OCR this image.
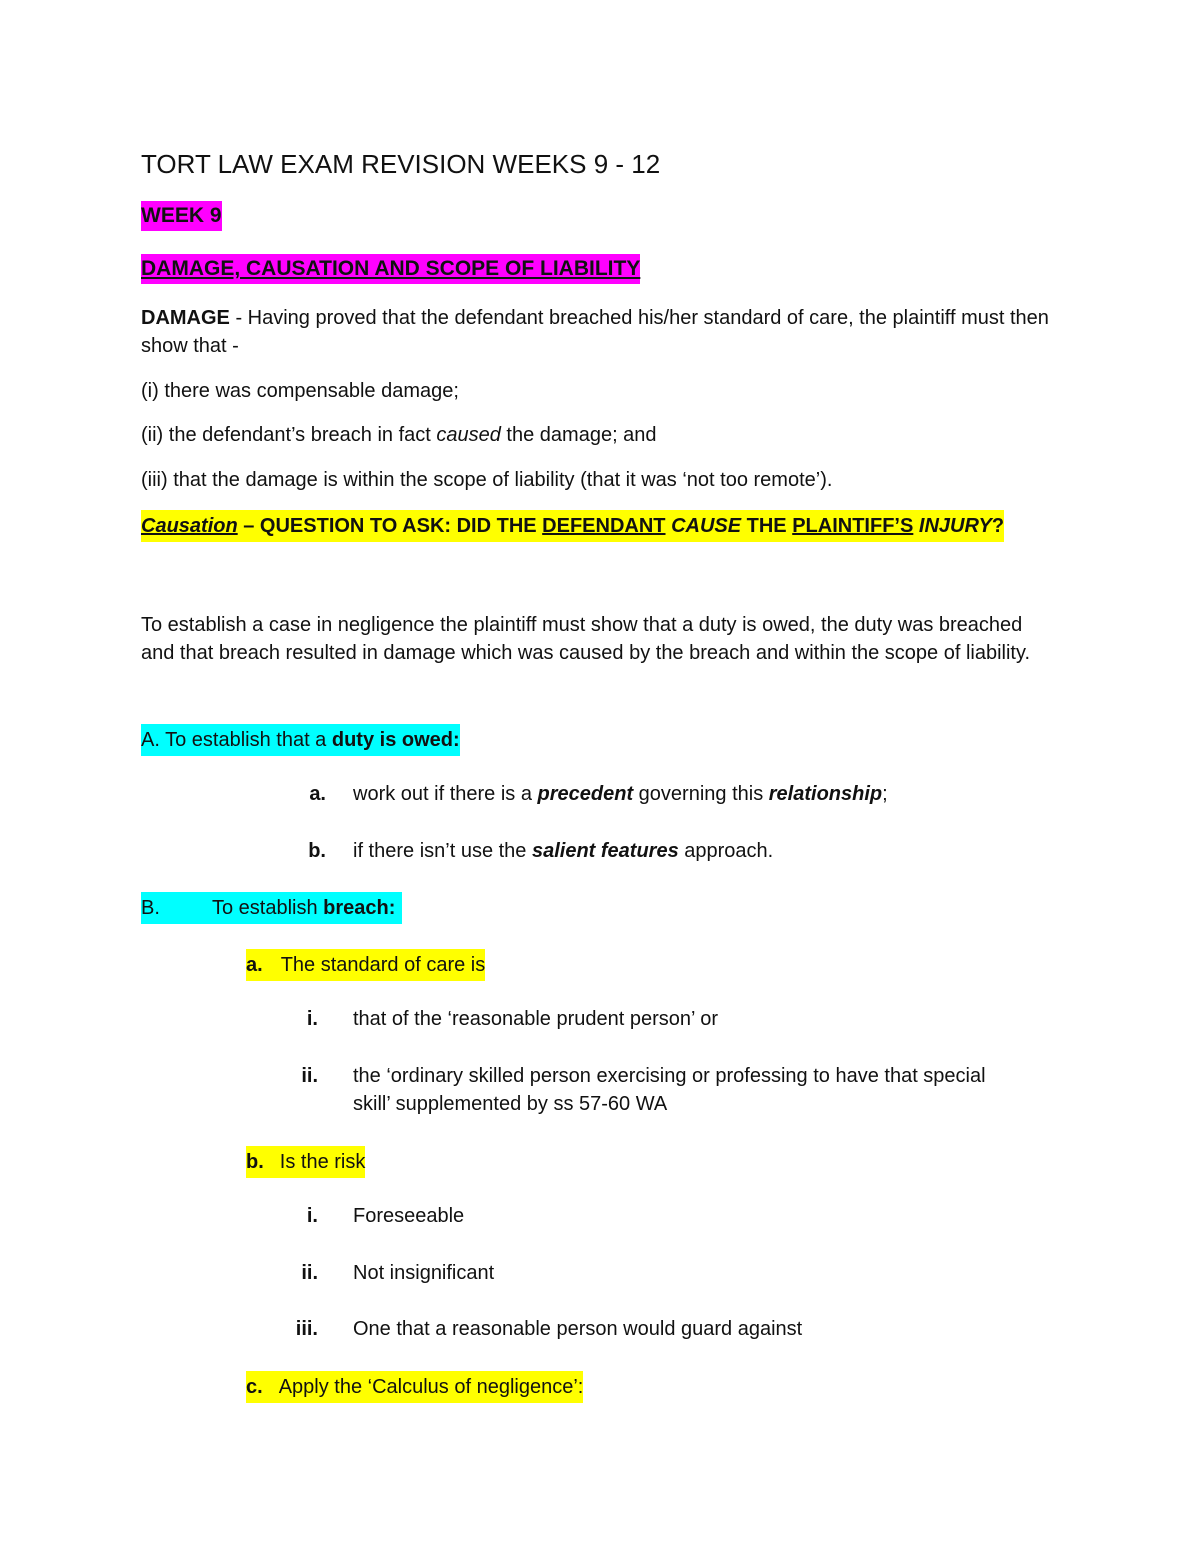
TORT LAW EXAM REVISION WEEKS 9 - 12
WEEK 9
DAMAGE, CAUSATION AND SCOPE OF LIABILITY

DAMAGE - Having proved that the defendant breached his/her standard of care, the plaintiff must then show that -

(i) there was compensable damage;

(ii) the defendant’s breach in fact caused the damage; and

(iii) that the damage is within the scope of liability (that it was ‘not too remote’).

Causation – QUESTION TO ASK: DID THE DEFENDANT CAUSE THE PLAINTIFF’S INJURY?

To establish a case in negligence the plaintiff must show that a duty is owed, the duty was breached and that breach resulted in damage which was caused by the breach and within the scope of liability.

A. To establish that a duty is owed:

a. work out if there is a precedent governing this relationship;
b. if there isn’t use the salient features approach.

B.	To establish breach:

a. The standard of care is

i. that of the ‘reasonable prudent person’ or
ii. the ‘ordinary skilled person exercising or professing to have that special
skill’ supplemented by ss 57-60 WA

b. Is the risk

i. Foreseeable
ii. Not insignificant
iii. One that a reasonable person would guard against

c. Apply the ‘Calculus of negligence’:
